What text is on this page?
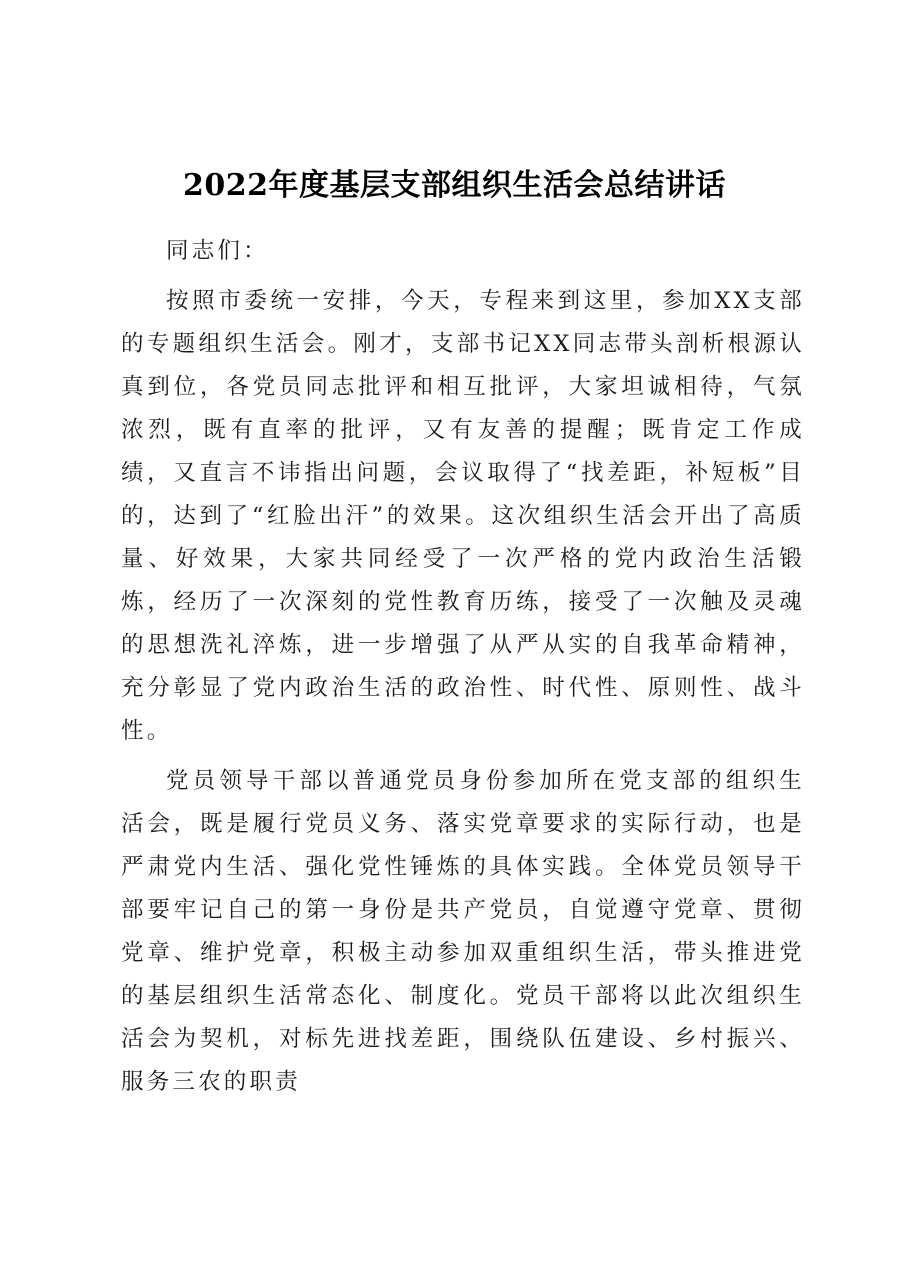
2022年度基层支部组织生活会总结讲话

同志们：

按照市委统一安排，今天，专程来到这里，参加XX支部的专题组织生活会。刚才，支部书记XX同志带头剖析根源认真到位，各党员同志批评和相互批评，大家坦诚相待，气氛浓烈，既有直率的批评，又有友善的提醒；既肯定工作成绩，又直言不讳指出问题，会议取得了“找差距，补短板”目的，达到了“红脸出汗”的效果。这次组织生活会开出了高质量、好效果，大家共同经受了一次严格的党内政治生活锻炼，经历了一次深刻的党性教育历练，接受了一次触及灵魂的思想洗礼淬炼，进一步增强了从严从实的自我革命精神，充分彰显了党内政治生活的政治性、时代性、原则性、战斗性。

党员领导干部以普通党员身份参加所在党支部的组织生活会，既是履行党员义务、落实党章要求的实际行动，也是严肃党内生活、强化党性锤炼的具体实践。全体党员领导干部要牢记自己的第一身份是共产党员，自觉遵守党章、贯彻党章、维护党章，积极主动参加双重组织生活，带头推进党的基层组织生活常态化、制度化。党员干部将以此次组织生活会为契机，对标先进找差距，围绕队伍建设、乡村振兴、服务三农的职责
